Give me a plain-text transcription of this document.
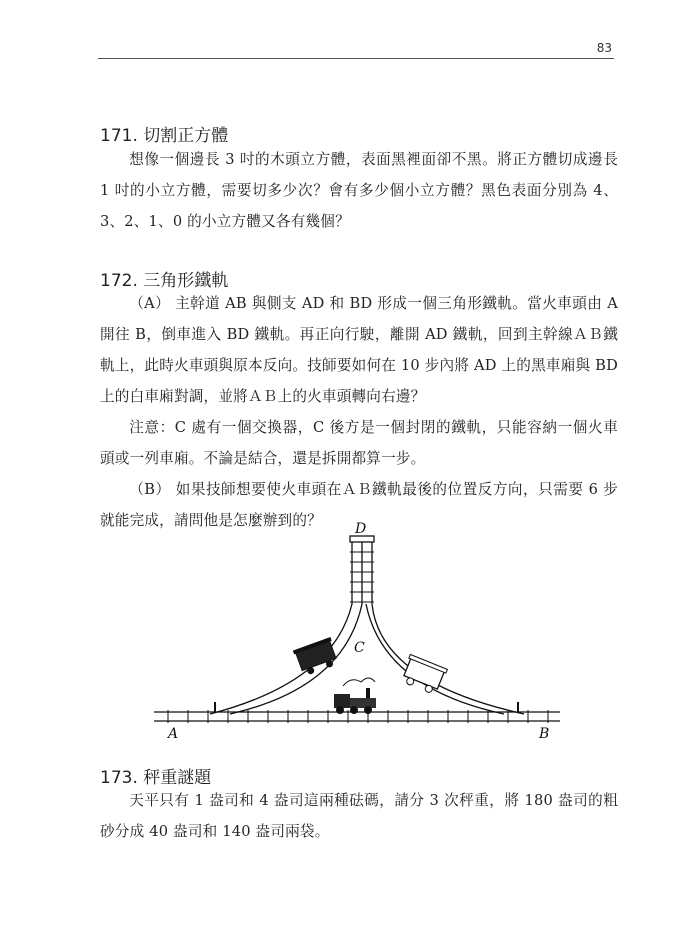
83
171. 切割正方體

想像一個邊長 3 吋的木頭立方體，表面黑裡面卻不黑。將正方體切成邊長 1 吋的小立方體，需要切多少次？會有多少個小立方體？黑色表面分別為 4、3、2、1、0 的小立方體又各有幾個？

172. 三角形鐵軌

（A） 主幹道 AB 與側支 AD 和 BD 形成一個三角形鐵軌。當火車頭由 A 開往 B，倒車進入 BD 鐵軌。再正向行駛，離開 AD 鐵軌，回到主幹線ＡＢ鐵軌上，此時火車頭與原本反向。技師要如何在 10 步內將 AD 上的黑車廂與 BD 上的白車廂對調，並將ＡＢ上的火車頭轉向右邊？

注意：C 處有一個交換器，C 後方是一個封閉的鐵軌，只能容納一個火車頭或一列車廂。不論是結合，還是拆開都算一步。

（B） 如果技師想要使火車頭在ＡＢ鐵軌最後的位置反方向，只需要 6 步就能完成，請問他是怎麼辦到的？

A	B
C
D
173. 秤重謎題

天平只有 1 盎司和 4 盎司這兩種砝碼，請分 3 次秤重，將 180 盎司的粗砂分成 40 盎司和 140 盎司兩袋。
